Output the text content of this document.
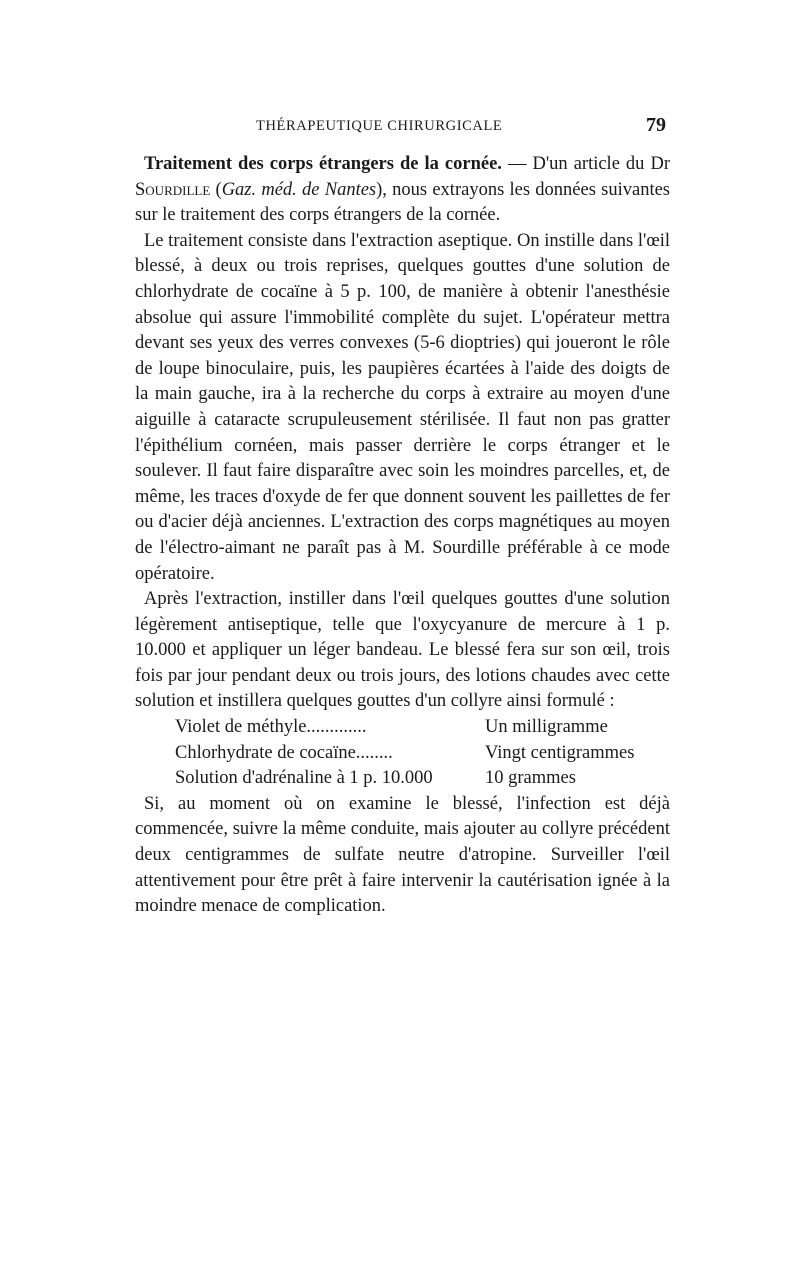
THÉRAPEUTIQUE CHIRURGICALE	79

Traitement des corps étrangers de la cornée. — D'un article du Dr Sourdille (Gaz. méd. de Nantes), nous extrayons les données suivantes sur le traitement des corps étrangers de la cornée.

Le traitement consiste dans l'extraction aseptique. On instille dans l'œil blessé, à deux ou trois reprises, quelques gouttes d'une solution de chlorhydrate de cocaïne à 5 p. 100, de manière à obtenir l'anesthésie absolue qui assure l'immobilité complète du sujet. L'opérateur mettra devant ses yeux des verres convexes (5-6 dioptries) qui joueront le rôle de loupe binoculaire, puis, les paupières écartées à l'aide des doigts de la main gauche, ira à la recherche du corps à extraire au moyen d'une aiguille à cataracte scrupuleusement stérilisée. Il faut non pas gratter l'épithélium cornéen, mais passer derrière le corps étranger et le soulever. Il faut faire disparaître avec soin les moindres parcelles, et, de même, les traces d'oxyde de fer que donnent souvent les paillettes de fer ou d'acier déjà anciennes. L'extraction des corps magnétiques au moyen de l'électro-aimant ne paraît pas à M. Sourdille préférable à ce mode opératoire.

Après l'extraction, instiller dans l'œil quelques gouttes d'une solution légèrement antiseptique, telle que l'oxycyanure de mercure à 1 p. 10.000 et appliquer un léger bandeau. Le blessé fera sur son œil, trois fois par jour pendant deux ou trois jours, des lotions chaudes avec cette solution et instillera quelques gouttes d'un collyre ainsi formulé :

Violet de méthyle.............	Un milligramme
Chlorhydrate de cocaïne........	Vingt centigrammes
Solution d'adrénaline à 1 p. 10.000	10 grammes

Si, au moment où on examine le blessé, l'infection est déjà commencée, suivre la même conduite, mais ajouter au collyre précédent deux centigrammes de sulfate neutre d'atropine. Surveiller l'œil attentivement pour être prêt à faire intervenir la cautérisation ignée à la moindre menace de complication.
